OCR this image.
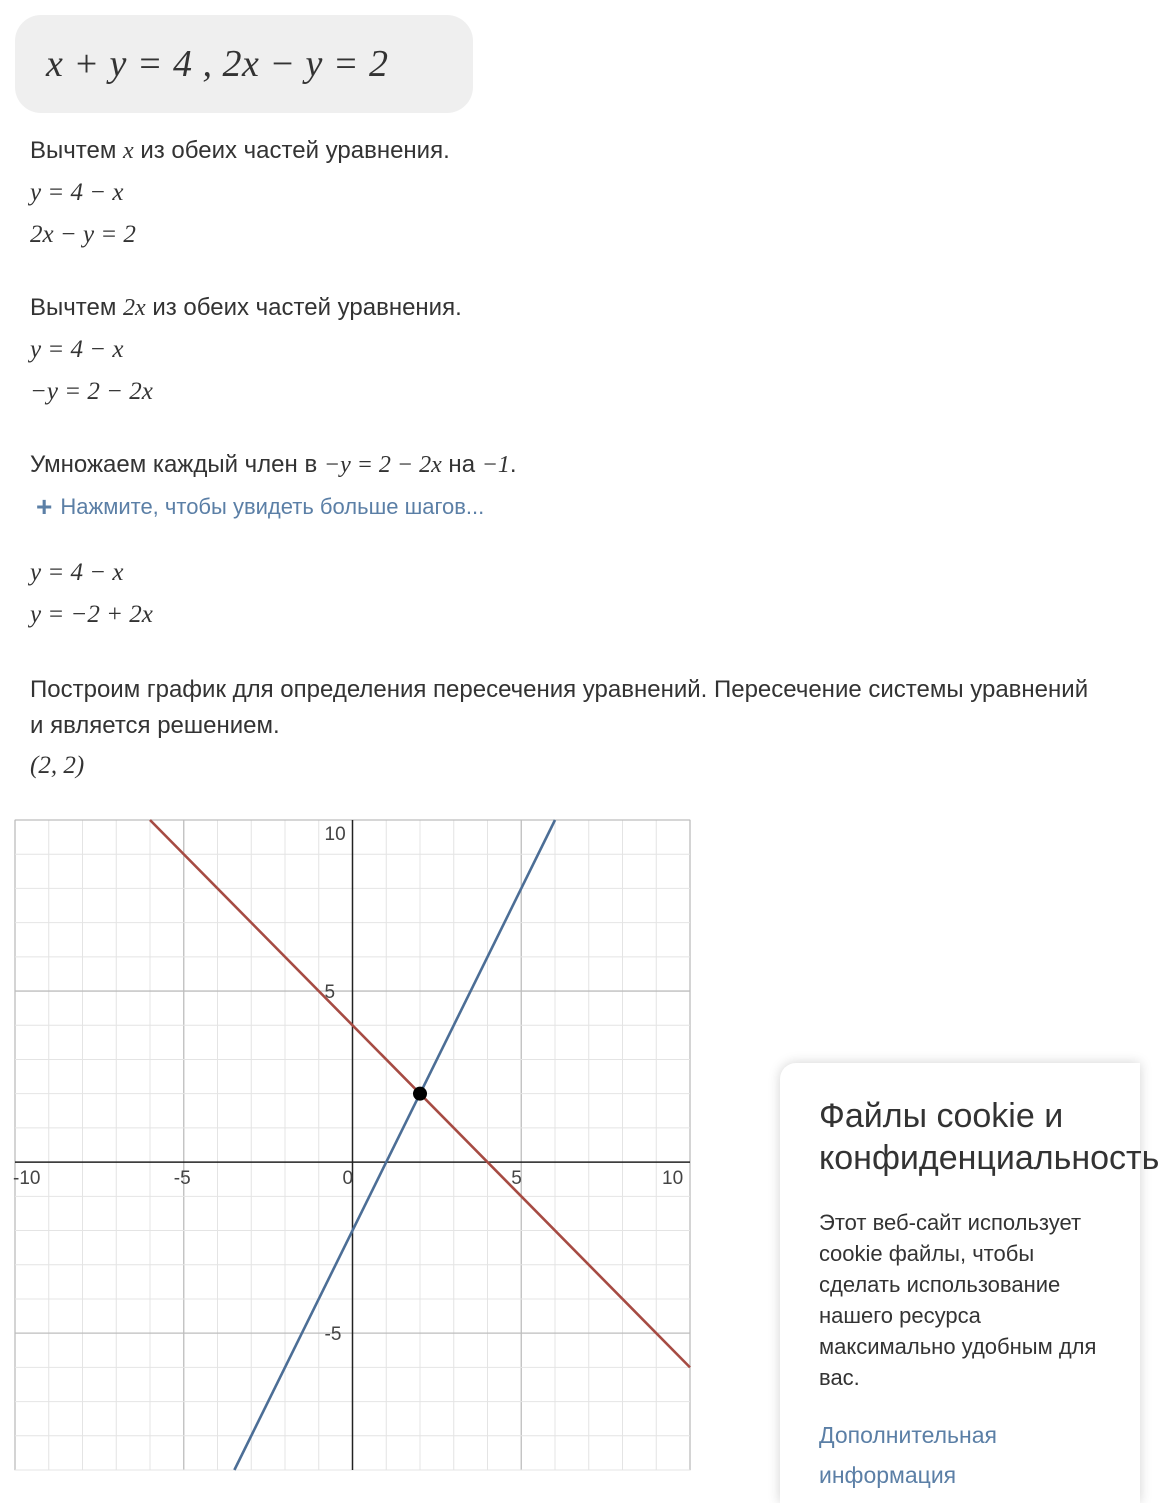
x + y = 4 , 2x − y = 2
Вычтем x из обеих частей уравнения.
y = 4 − x
2x − y = 2
Вычтем 2x из обеих частей уравнения.
y = 4 − x
−y = 2 − 2x
Умножаем каждый член в −y = 2 − 2x на −1.
+ Нажмите, чтобы увидеть больше шагов...
y = 4 − x
y = −2 + 2x
Построим график для определения пересечения уравнений. Пересечение системы уравнений и является решением.
(2, 2)
-10	-5	0	5	10
10
5
-5
Файлы cookie и
конфиденциальность
Этот веб-сайт использует
cookie файлы, чтобы
сделать использование
нашего ресурса
максимально удобным для
вас.
Дополнительная
информация
